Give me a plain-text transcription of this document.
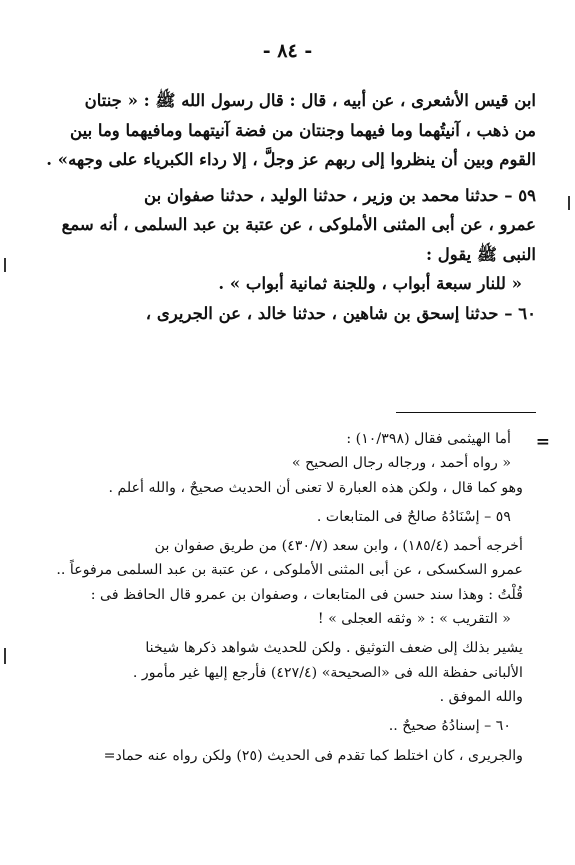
- ٨٤ -

ابن قيس الأشعرى ، عن أبيه ، قال : قال رسول الله ﷺ : « جنتان

من ذهب ، آنيتُهما وما فيهما وجنتان من فضة آنيتهما ومافيهما وما بين

القوم وبين أن ينظروا إلى ربهم عز وجلَّ ، إلا رداء الكبرياء على وجهه» .

٥٩ – حدثنا محمد بن وزير ، حدثنا الوليد ، حدثنا صفوان بن

عمرو ، عن أبى المثنى الأملوكى ، عن عتبة بن عبد السلمى ، أنه سمع

النبى ﷺ يقول :

« للنار سبعة أبواب ، وللجنة ثمانية أبواب » .

٦٠ – حدثنا إسحق بن شاهين ، حدثنا خالد ، عن الجريرى ،

=

أما الهيثمى فقال (١٠/٣٩٨) :

« رواه أحمد ، ورجاله رجال الصحيح »

وهو كما قال ، ولكن هذه العبارة لا تعنى أن الحديث صحيحٌ ، والله أعلم .

٥٩ – إسْنَادُهُ صالحٌ فى المتابعات .

أخرجه أحمد (١٨٥/٤) ، وابن سعد (٤٣٠/٧) من طريق صفوان بن

عمرو السكسكى ، عن أبى المثنى الأملوكى ، عن عتبة بن عبد السلمى مرفوعاً ..

قُلْتُ : وهذا سند حسن فى المتابعات ، وصفوان بن عمرو قال الحافظ فى :

« التقريب » : « وثقه العجلى » !

يشير بذلك إلى ضعف التوثيق . ولكن للحديث شواهد ذكرها شيخنا

الألبانى حفظة الله فى «الصحيحة» (٤٢٧/٤) فأرجع إليها غير مأمور .

والله الموفق .

٦٠ – إسنادُهُ صحيحٌ ..

والجريرى ، كان اختلط كما تقدم فى الحديث (٢٥) ولكن رواه عنه حماد=
